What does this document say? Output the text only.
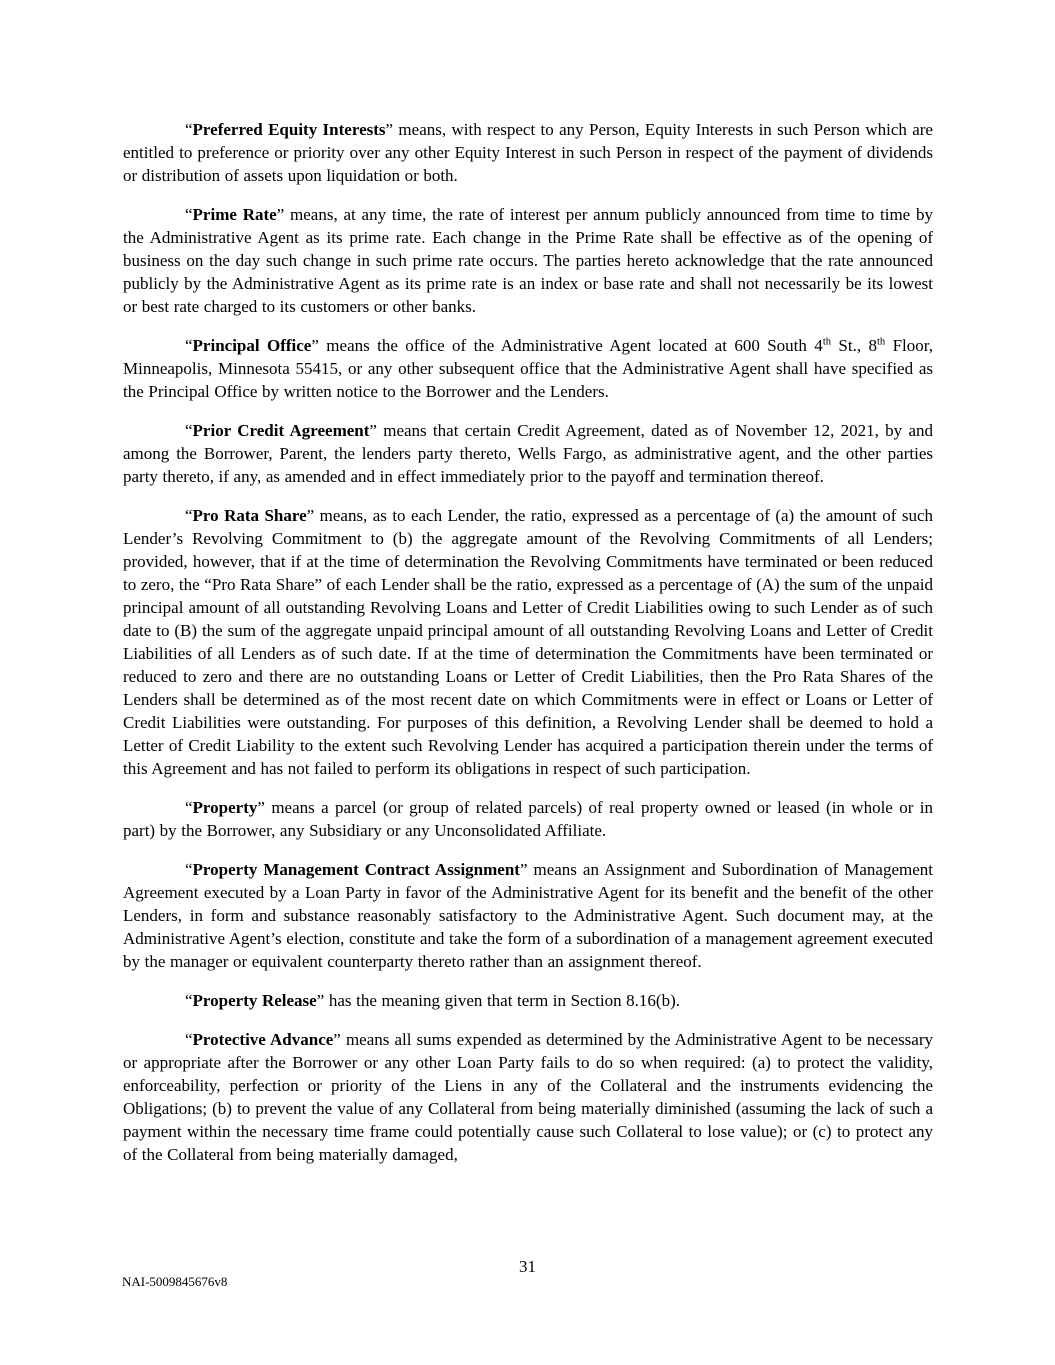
“Preferred Equity Interests” means, with respect to any Person, Equity Interests in such Person which are entitled to preference or priority over any other Equity Interest in such Person in respect of the payment of dividends or distribution of assets upon liquidation or both.

“Prime Rate” means, at any time, the rate of interest per annum publicly announced from time to time by the Administrative Agent as its prime rate. Each change in the Prime Rate shall be effective as of the opening of business on the day such change in such prime rate occurs. The parties hereto acknowledge that the rate announced publicly by the Administrative Agent as its prime rate is an index or base rate and shall not necessarily be its lowest or best rate charged to its customers or other banks.

“Principal Office” means the office of the Administrative Agent located at 600 South 4th St., 8th Floor, Minneapolis, Minnesota 55415, or any other subsequent office that the Administrative Agent shall have specified as the Principal Office by written notice to the Borrower and the Lenders.

“Prior Credit Agreement” means that certain Credit Agreement, dated as of November 12, 2021, by and among the Borrower, Parent, the lenders party thereto, Wells Fargo, as administrative agent, and the other parties party thereto, if any, as amended and in effect immediately prior to the payoff and termination thereof.

“Pro Rata Share” means, as to each Lender, the ratio, expressed as a percentage of (a) the amount of such Lender’s Revolving Commitment to (b) the aggregate amount of the Revolving Commitments of all Lenders; provided, however, that if at the time of determination the Revolving Commitments have terminated or been reduced to zero, the “Pro Rata Share” of each Lender shall be the ratio, expressed as a percentage of (A) the sum of the unpaid principal amount of all outstanding Revolving Loans and Letter of Credit Liabilities owing to such Lender as of such date to (B) the sum of the aggregate unpaid principal amount of all outstanding Revolving Loans and Letter of Credit Liabilities of all Lenders as of such date. If at the time of determination the Commitments have been terminated or reduced to zero and there are no outstanding Loans or Letter of Credit Liabilities, then the Pro Rata Shares of the Lenders shall be determined as of the most recent date on which Commitments were in effect or Loans or Letter of Credit Liabilities were outstanding. For purposes of this definition, a Revolving Lender shall be deemed to hold a Letter of Credit Liability to the extent such Revolving Lender has acquired a participation therein under the terms of this Agreement and has not failed to perform its obligations in respect of such participation.

“Property” means a parcel (or group of related parcels) of real property owned or leased (in whole or in part) by the Borrower, any Subsidiary or any Unconsolidated Affiliate.

“Property Management Contract Assignment” means an Assignment and Subordination of Management Agreement executed by a Loan Party in favor of the Administrative Agent for its benefit and the benefit of the other Lenders, in form and substance reasonably satisfactory to the Administrative Agent. Such document may, at the Administrative Agent’s election, constitute and take the form of a subordination of a management agreement executed by the manager or equivalent counterparty thereto rather than an assignment thereof.

“Property Release” has the meaning given that term in Section 8.16(b).

“Protective Advance” means all sums expended as determined by the Administrative Agent to be necessary or appropriate after the Borrower or any other Loan Party fails to do so when required: (a) to protect the validity, enforceability, perfection or priority of the Liens in any of the Collateral and the instruments evidencing the Obligations; (b) to prevent the value of any Collateral from being materially diminished (assuming the lack of such a payment within the necessary time frame could potentially cause such Collateral to lose value); or (c) to protect any of the Collateral from being materially damaged,

31
NAI-5009845676v8
